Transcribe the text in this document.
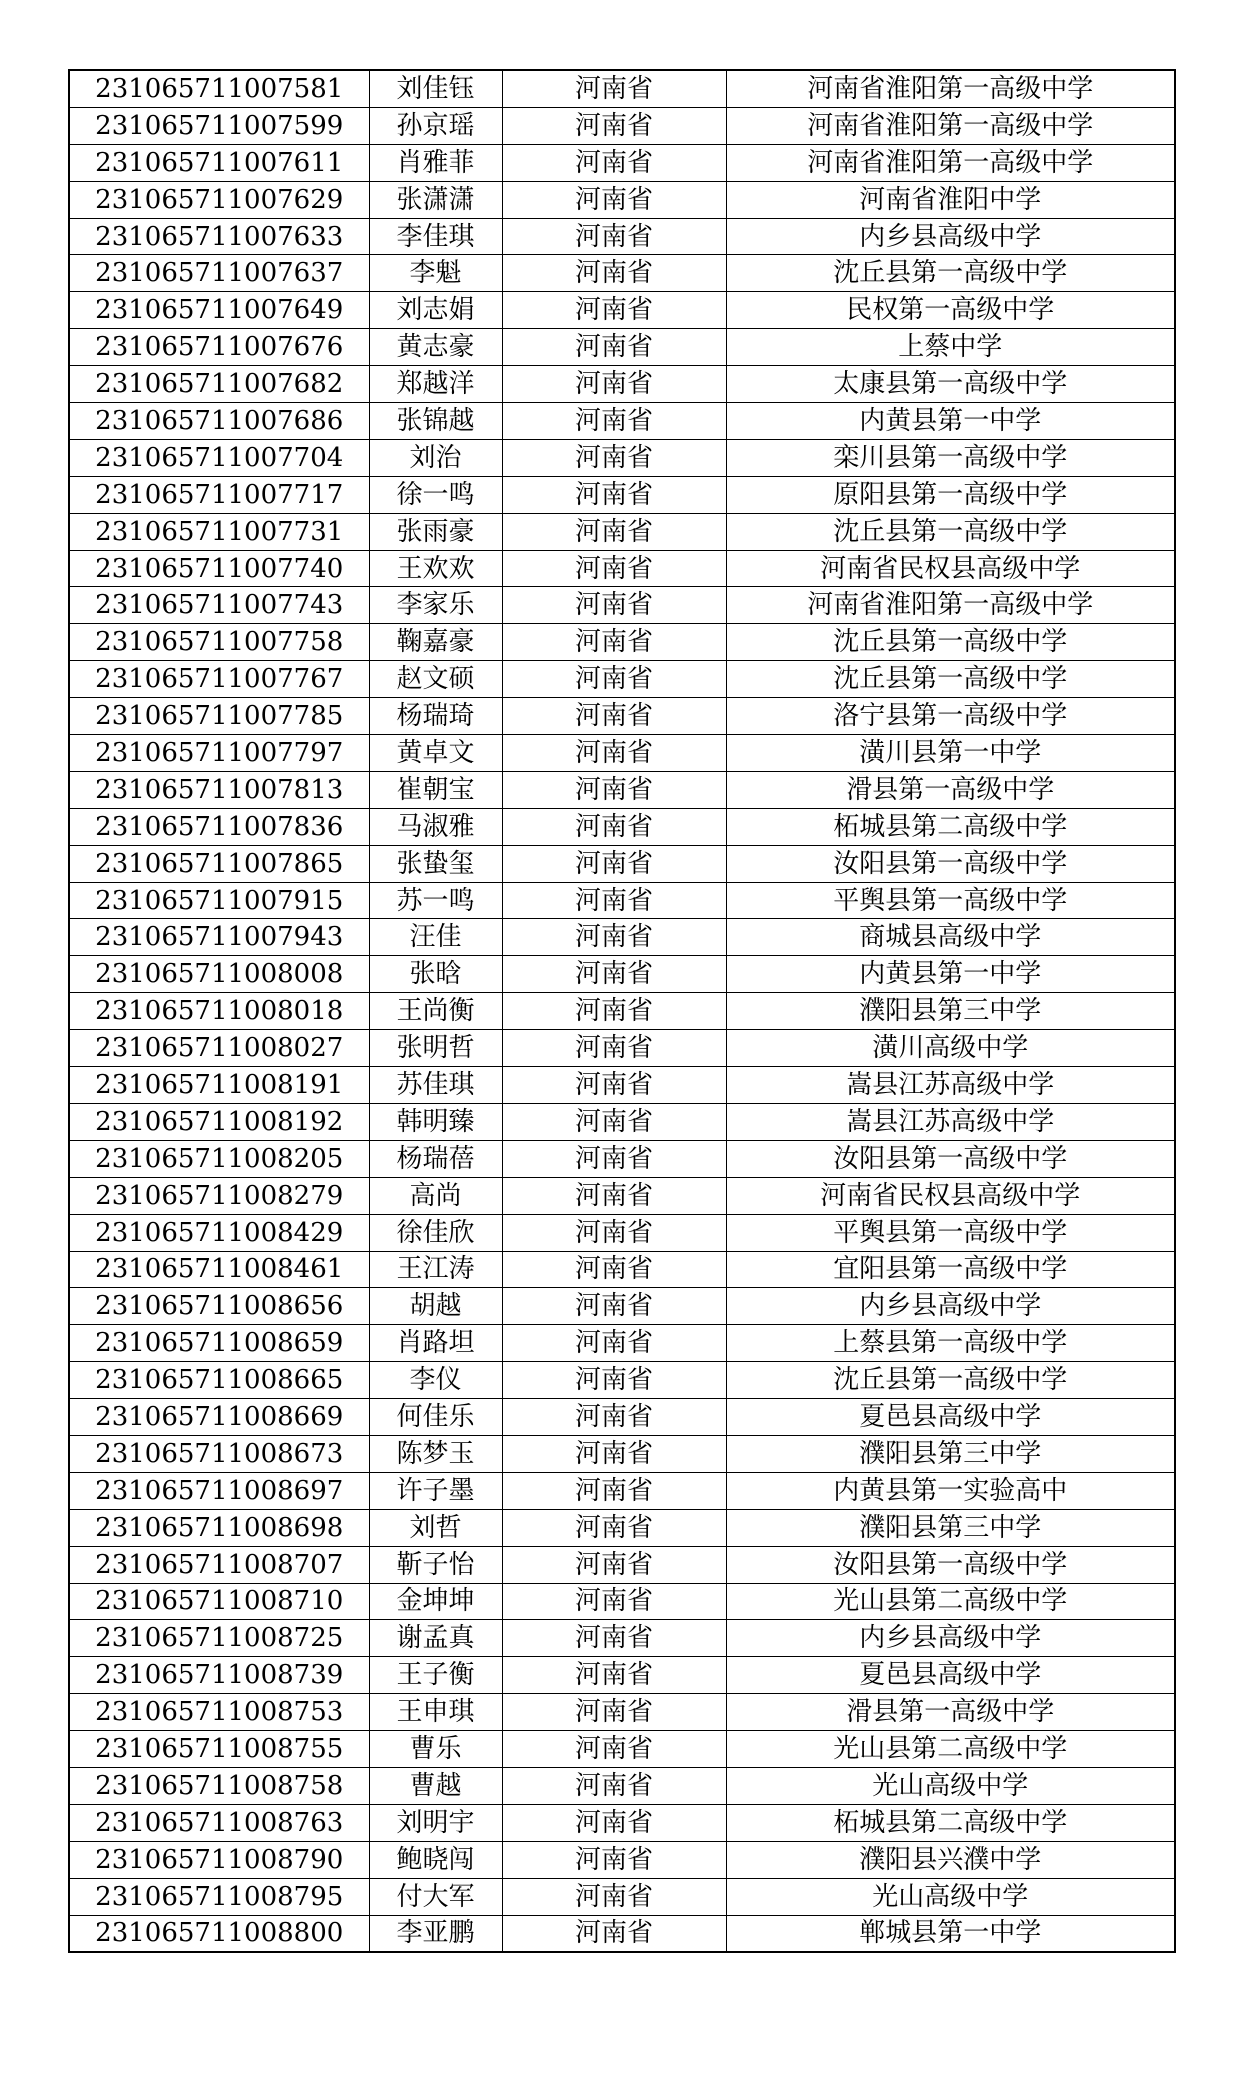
231065711007581	刘佳钰	河南省	河南省淮阳第一高级中学
231065711007599	孙京瑶	河南省	河南省淮阳第一高级中学
231065711007611	肖雅菲	河南省	河南省淮阳第一高级中学
231065711007629	张潇潇	河南省	河南省淮阳中学
231065711007633	李佳琪	河南省	内乡县高级中学
231065711007637	李魁	河南省	沈丘县第一高级中学
231065711007649	刘志娟	河南省	民权第一高级中学
231065711007676	黄志豪	河南省	上蔡中学
231065711007682	郑越洋	河南省	太康县第一高级中学
231065711007686	张锦越	河南省	内黄县第一中学
231065711007704	刘治	河南省	栾川县第一高级中学
231065711007717	徐一鸣	河南省	原阳县第一高级中学
231065711007731	张雨豪	河南省	沈丘县第一高级中学
231065711007740	王欢欢	河南省	河南省民权县高级中学
231065711007743	李家乐	河南省	河南省淮阳第一高级中学
231065711007758	鞠嘉豪	河南省	沈丘县第一高级中学
231065711007767	赵文硕	河南省	沈丘县第一高级中学
231065711007785	杨瑞琦	河南省	洛宁县第一高级中学
231065711007797	黄卓文	河南省	潢川县第一中学
231065711007813	崔朝宝	河南省	滑县第一高级中学
231065711007836	马淑雅	河南省	柘城县第二高级中学
231065711007865	张蛰玺	河南省	汝阳县第一高级中学
231065711007915	苏一鸣	河南省	平舆县第一高级中学
231065711007943	汪佳	河南省	商城县高级中学
231065711008008	张晗	河南省	内黄县第一中学
231065711008018	王尚衡	河南省	濮阳县第三中学
231065711008027	张明哲	河南省	潢川高级中学
231065711008191	苏佳琪	河南省	嵩县江苏高级中学
231065711008192	韩明臻	河南省	嵩县江苏高级中学
231065711008205	杨瑞蓓	河南省	汝阳县第一高级中学
231065711008279	高尚	河南省	河南省民权县高级中学
231065711008429	徐佳欣	河南省	平舆县第一高级中学
231065711008461	王江涛	河南省	宜阳县第一高级中学
231065711008656	胡越	河南省	内乡县高级中学
231065711008659	肖路坦	河南省	上蔡县第一高级中学
231065711008665	李仪	河南省	沈丘县第一高级中学
231065711008669	何佳乐	河南省	夏邑县高级中学
231065711008673	陈梦玉	河南省	濮阳县第三中学
231065711008697	许子墨	河南省	内黄县第一实验高中
231065711008698	刘哲	河南省	濮阳县第三中学
231065711008707	靳子怡	河南省	汝阳县第一高级中学
231065711008710	金坤坤	河南省	光山县第二高级中学
231065711008725	谢孟真	河南省	内乡县高级中学
231065711008739	王子衡	河南省	夏邑县高级中学
231065711008753	王申琪	河南省	滑县第一高级中学
231065711008755	曹乐	河南省	光山县第二高级中学
231065711008758	曹越	河南省	光山高级中学
231065711008763	刘明宇	河南省	柘城县第二高级中学
231065711008790	鲍晓闯	河南省	濮阳县兴濮中学
231065711008795	付大军	河南省	光山高级中学
231065711008800	李亚鹏	河南省	郸城县第一中学
